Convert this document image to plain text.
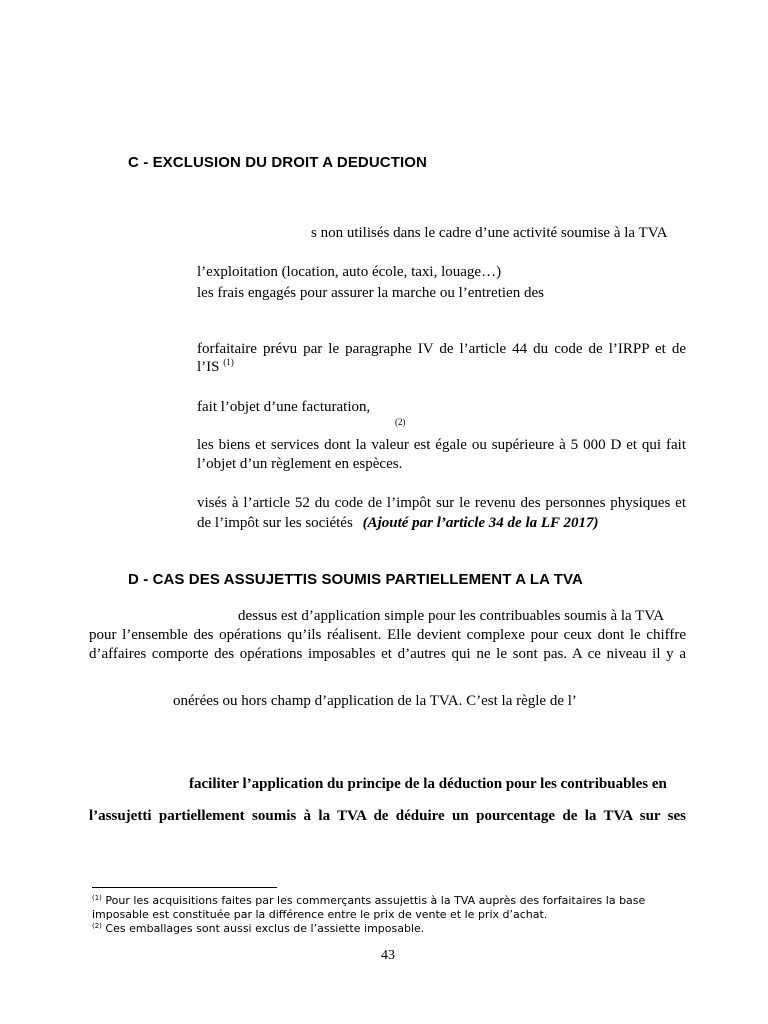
C - EXCLUSION DU DROIT A DEDUCTION
s non utilisés dans le cadre d’une activité soumise à la TVA
l’exploitation (location, auto école, taxi, louage…)
les frais engagés pour assurer la marche ou l’entretien des
forfaitaire prévu par le paragraphe IV de l’article 44 du code de l’IRPP et de
l’IS $^{(1)}$
fait l’objet d’une facturation,
(2)
les biens et services dont la valeur est égale ou supérieure à 5 000 D et qui fait
l’objet d’un règlement en espèces.
visés à l’article 52 du code de l’impôt sur le revenu des personnes physiques et
de l’impôt sur les sociétés (Ajouté par l’article 34 de la LF 2017)
D - CAS DES ASSUJETTIS SOUMIS PARTIELLEMENT A LA TVA
dessus est d’application simple pour les contribuables soumis à la TVA
pour l’ensemble des opérations qu’ils réalisent. Elle devient complexe pour ceux dont le chiffre
d’affaires comporte des opérations imposables et d’autres qui ne le sont pas. A ce niveau il y a
onérées ou hors champ d’application de la TVA. C’est la règle de l’
faciliter l’application du principe de la déduction pour les contribuables en
l’assujetti partiellement soumis à la TVA de déduire un pourcentage de la TVA sur ses
$^{(1)}$ Pour les acquisitions faites par les commerçants assujettis à la TVA auprès des forfaitaires la base
imposable est constituée par la différence entre le prix de vente et le prix d’achat.
$^{(2)}$ Ces emballages sont aussi exclus de l’assiette imposable.
43
